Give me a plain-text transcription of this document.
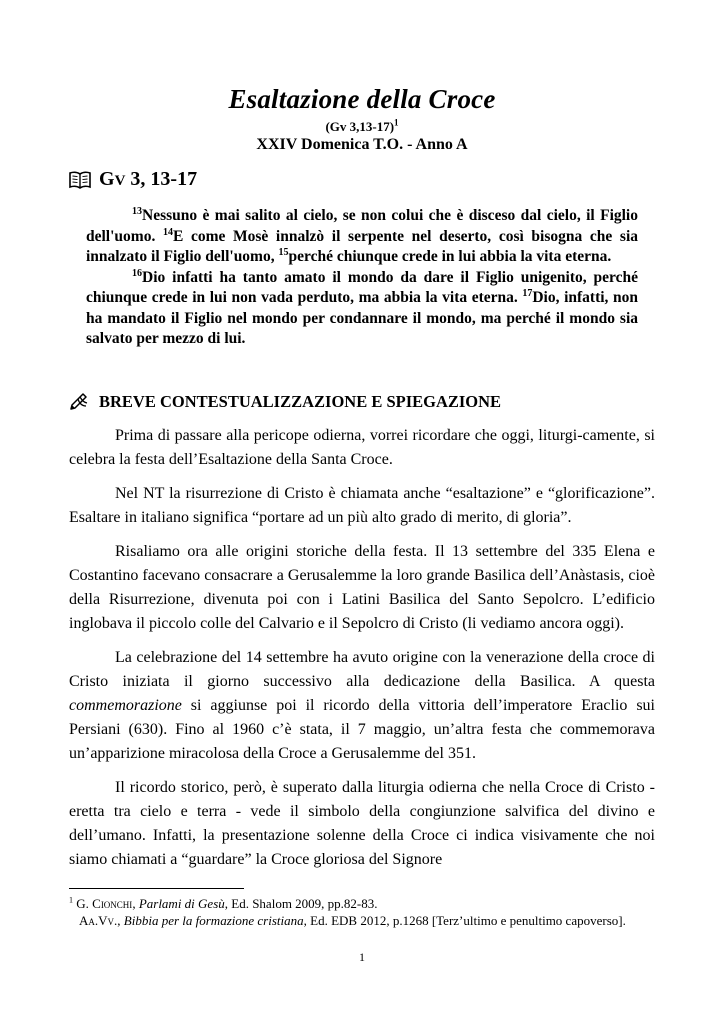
Esaltazione della Croce
(Gv 3,13-17)$^1$
XXIV Domenica T.O. - Anno A
GV 3, 13-17

$^{13}$Nessuno è mai salito al cielo, se non colui che è disceso dal cielo, il Figlio dell'uomo. $^{14}$E come Mosè innalzò il serpente nel deserto, così bisogna che sia innalzato il Figlio dell'uomo, $^{15}$perché chiunque crede in lui abbia la vita eterna.

$^{16}$Dio infatti ha tanto amato il mondo da dare il Figlio unigenito, perché chiunque crede in lui non vada perduto, ma abbia la vita eterna. $^{17}$Dio, infatti, non ha mandato il Figlio nel mondo per condannare il mondo, ma perché il mondo sia salvato per mezzo di lui.

BREVE CONTESTUALIZZAZIONE E SPIEGAZIONE

Prima di passare alla pericope odierna, vorrei ricordare che oggi, liturgi-camente, si celebra la festa dell’Esaltazione della Santa Croce.

Nel NT la risurrezione di Cristo è chiamata anche “esaltazione” e “glorificazione”. Esaltare in italiano significa “portare ad un più alto grado di merito, di gloria”.

Risaliamo ora alle origini storiche della festa. Il 13 settembre del 335 Elena e Costantino facevano consacrare a Gerusalemme la loro grande Basilica dell’Anàstasis, cioè della Risurrezione, divenuta poi con i Latini Basilica del Santo Sepolcro. L’edificio inglobava il piccolo colle del Calvario e il Sepolcro di Cristo (li vediamo ancora oggi).

La celebrazione del 14 settembre ha avuto origine con la venerazione della croce di Cristo iniziata il giorno successivo alla dedicazione della Basilica. A questa commemorazione si aggiunse poi il ricordo della vittoria dell’imperatore Eraclio sui Persiani (630). Fino al 1960 c’è stata, il 7 maggio, un’altra festa che commemorava un’apparizione miracolosa della Croce a Gerusalemme del 351.

Il ricordo storico, però, è superato dalla liturgia odierna che nella Croce di Cristo - eretta tra cielo e terra - vede il simbolo della congiunzione salvifica del divino e dell’umano. Infatti, la presentazione solenne della Croce ci indica visivamente che noi siamo chiamati a “guardare” la Croce gloriosa del Signore

$^1$ G. Cionchi, Parlami di Gesù, Ed. Shalom 2009, pp.82-83.

Aa.Vv., Bibbia per la formazione cristiana, Ed. EDB 2012, p.1268 [Terz’ultimo e penultimo capoverso].

1
